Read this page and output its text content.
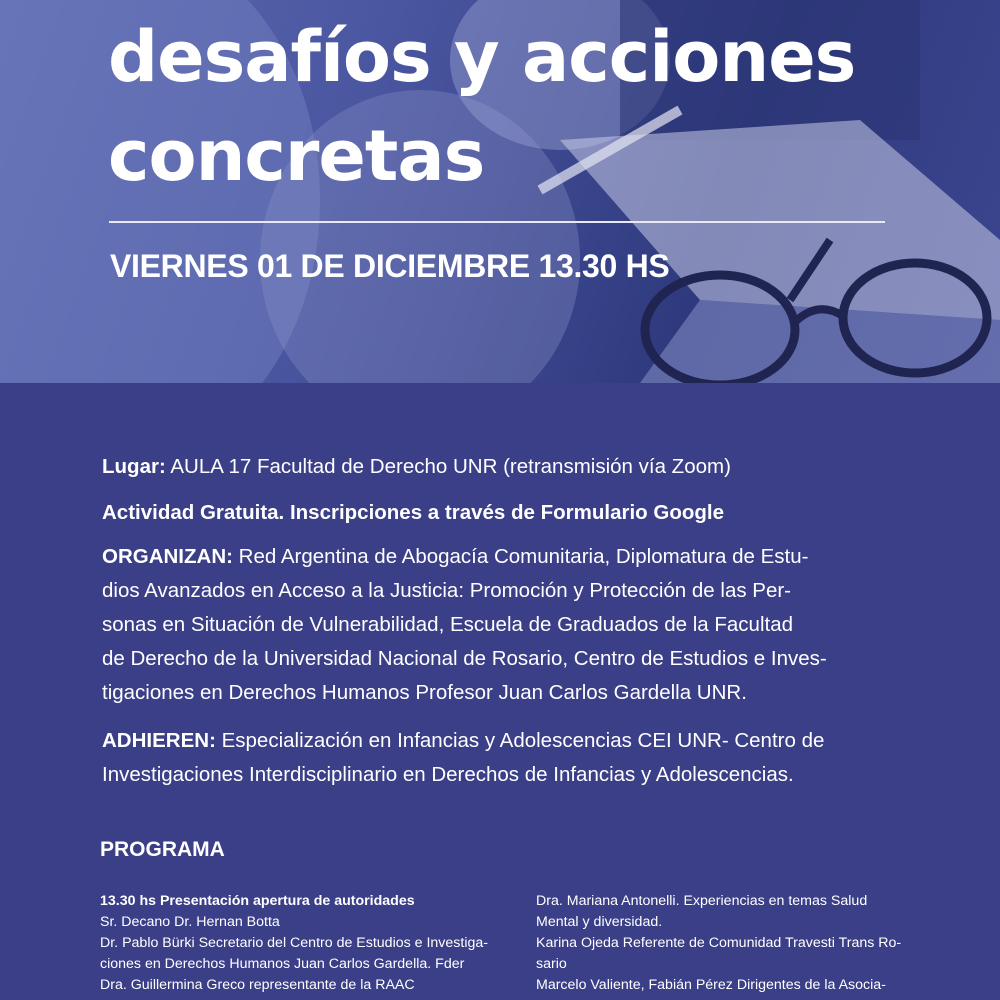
desafíos y acciones
concretas
VIERNES 01 DE DICIEMBRE 13.30 HS

Lugar: AULA 17 Facultad de Derecho UNR (retransmisión vía Zoom)

Actividad Gratuita. Inscripciones a través de Formulario Google

ORGANIZAN: Red Argentina de Abogacía Comunitaria, Diplomatura de Estu-

dios Avanzados en Acceso a la Justicia: Promoción y Protección de las Per-

sonas en Situación de Vulnerabilidad, Escuela de Graduados de la Facultad

de Derecho de la Universidad Nacional de Rosario, Centro de Estudios e Inves-

tigaciones en Derechos Humanos Profesor Juan Carlos Gardella UNR.

ADHIEREN: Especialización en Infancias y Adolescencias CEI UNR- Centro de

Investigaciones Interdisciplinario en Derechos de Infancias y Adolescencias.

PROGRAMA

13.30 hs Presentación apertura de autoridades

Sr. Decano Dr. Hernan Botta

Dr. Pablo Bürki Secretario del Centro de Estudios e Investiga-

ciones en Derechos Humanos Juan Carlos Gardella. Fder

Dra. Guillermina Greco representante de la RAAC

Dra. Mariana Antonelli. Experiencias en temas Salud

Mental y diversidad.

Karina Ojeda Referente de Comunidad Travesti Trans Ro-

sario

Marcelo Valiente, Fabián Pérez Dirigentes de la Asocia-
